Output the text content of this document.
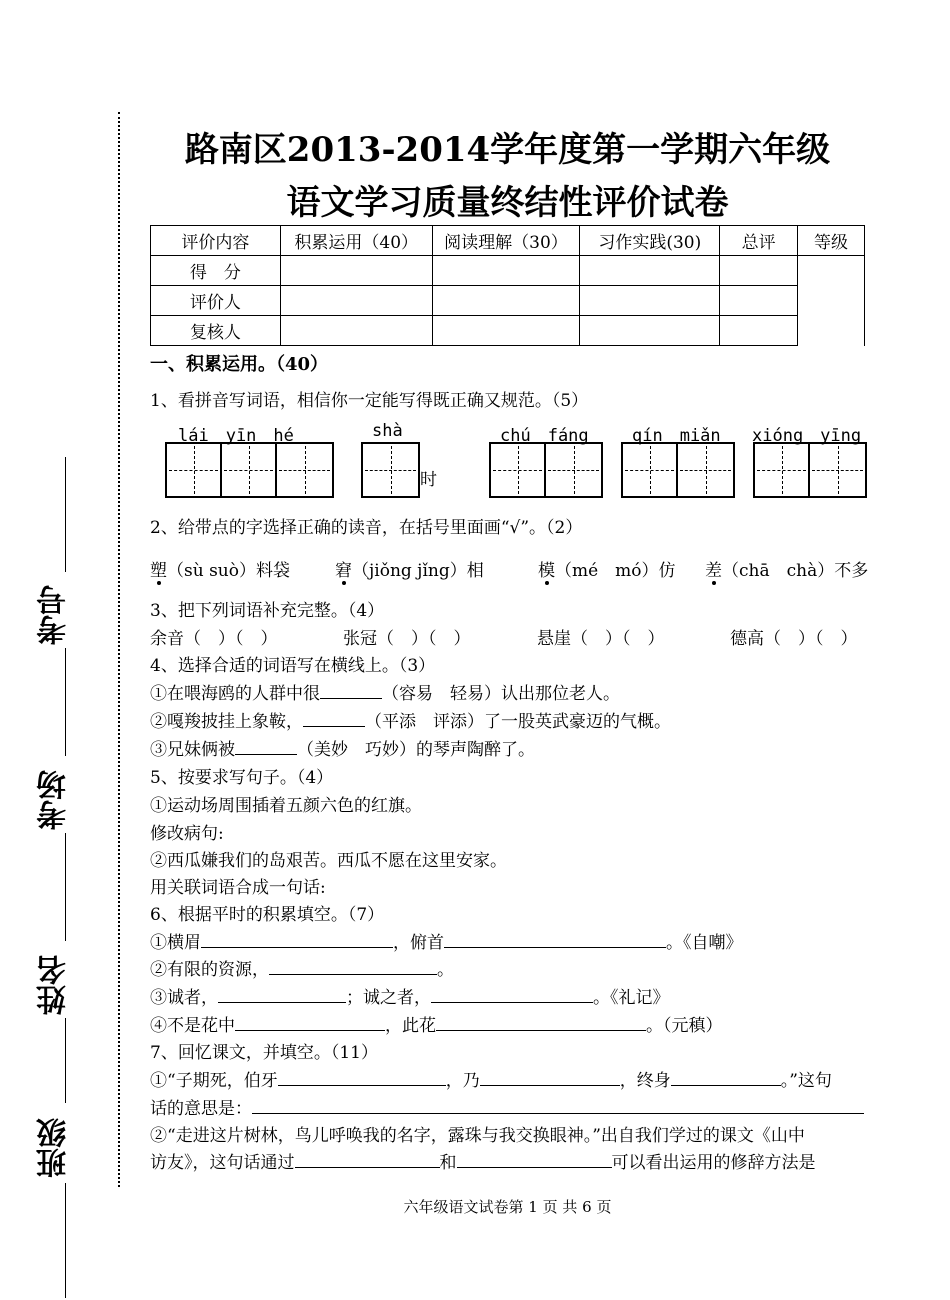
考号
考场
姓名
班级
路南区2013-2014学年度第一学期六年级
语文学习质量终结性评价试卷
评价内容	积累运用（40）	阅读理解（30）	习作实践(30)	总评	等级
得　分					
评价人					
复核人					
一、积累运用。（40）
1、看拼音写词语，相信你一定能写得既正确又规范。（5）
lái　yīn　hé	shà	chú　fáng	qín　miǎn xióng　yīng
时
2、给带点的字选择正确的读音，在括号里面画“√”。（2）
塑（sù suò）料袋	窘（jiǒng jǐng）相	模（mé　mó）仿 差（chā　chà）不多
3、把下列词语补充完整。（4）
余音（　）（　）	张冠（　）（　）	悬崖（　）（　）	德高（　）（　）
4、选择合适的词语写在横线上。（3）
①在喂海鸥的人群中很	（容易　轻易）认出那位老人。
②嘎羧披挂上象鞍，	（平添　评添）了一股英武豪迈的气概。
③兄妹俩被	（美妙　巧妙）的琴声陶醉了。
5、按要求写句子。（4）
①运动场周围插着五颜六色的红旗。
修改病句:
②西瓜嫌我们的岛艰苦。西瓜不愿在这里安家。
用关联词语合成一句话:
6、根据平时的积累填空。（7）
①横眉	，俯首	。《自嘲》
②有限的资源，	。
③诚者，	；诚之者，	。《礼记》
④不是花中	，此花	。（元稹）
7、回忆课文，并填空。（11）
①“子期死，伯牙	，乃	，终身	。”这句
话的意思是：
②“走进这片树林，鸟儿呼唤我的名字，露珠与我交换眼神。”出自我们学过的课文《山中
访友》，这句话通过	和	可以看出运用的修辞方法是
六年级语文试卷第 1 页 共 6 页
